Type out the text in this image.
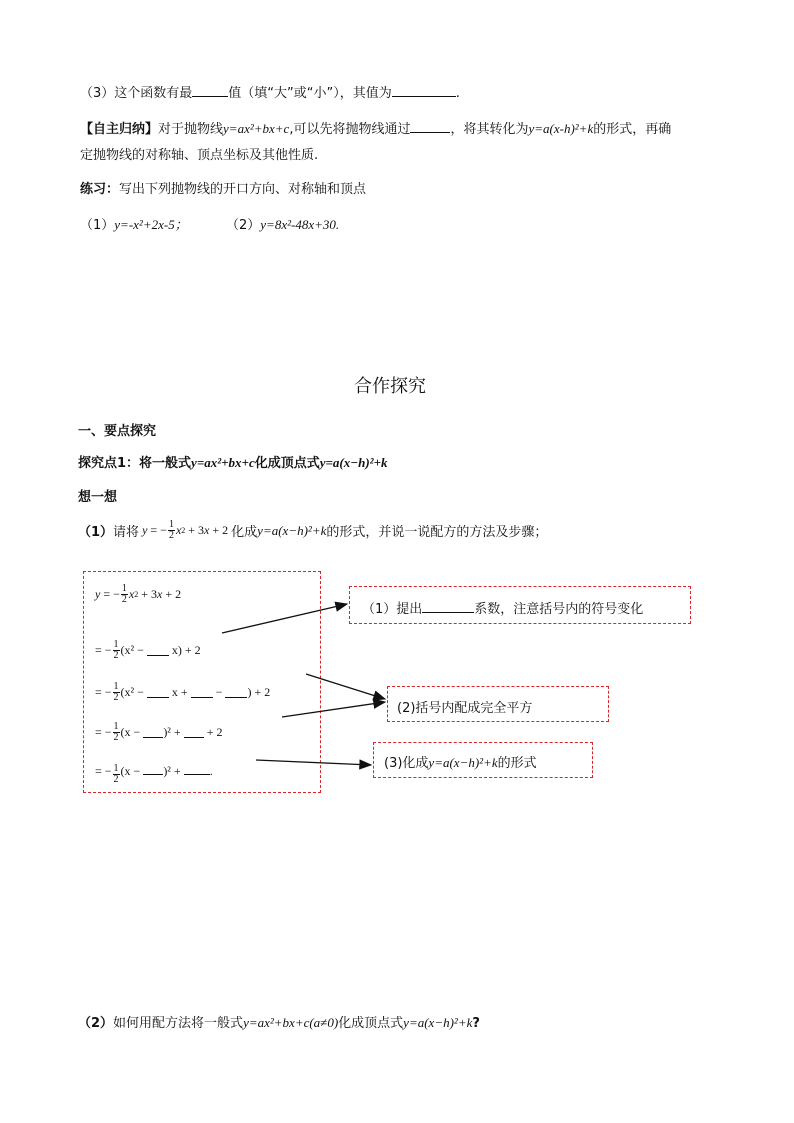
（3）这个函数有最	值（填“大”或“小”），其值为	.
【自主归纳】对于抛物线y=ax²+bx+c,可以先将抛物线通过	，将其转化为y=a(x-h)²+k的形式，再确
定抛物线的对称轴、顶点坐标及其他性质.
练习：写出下列抛物线的开口方向、对称轴和顶点
（1）y=-x²+2x-5；	（2）y=8x²-48x+30.
合作探究
一、要点探究
探究点1：将一般式y=ax²+bx+c化成顶点式y=a(x−h)²+k
想一想
（1） 请将 y = − $\frac{1}{2}$ x 2 + 3 x + 2 化成 y=a(x−h)²+k 的形式，并说一说配方的方法及步骤；
y = − $\frac{1}{2}$ x 2 + 3 x + 2
= − $\frac{1}{2} (x^2$ −

x) + 2
= − $\frac{1}{2} (x^2$ −

x +

−
) + 2
= − $\frac{1}{2} (x$ −
)² +

+ 2
= − $\frac{1}{2} (x$ −
)² +
.
（1）提出	系数，注意括号内的符号变化
(2)括号内配成完全平方
(3)化成y=a(x−h)²+k的形式
（2）如何用配方法将一般式y=ax²+bx+c(a≠0)化成顶点式y=a(x−h)²+k?
